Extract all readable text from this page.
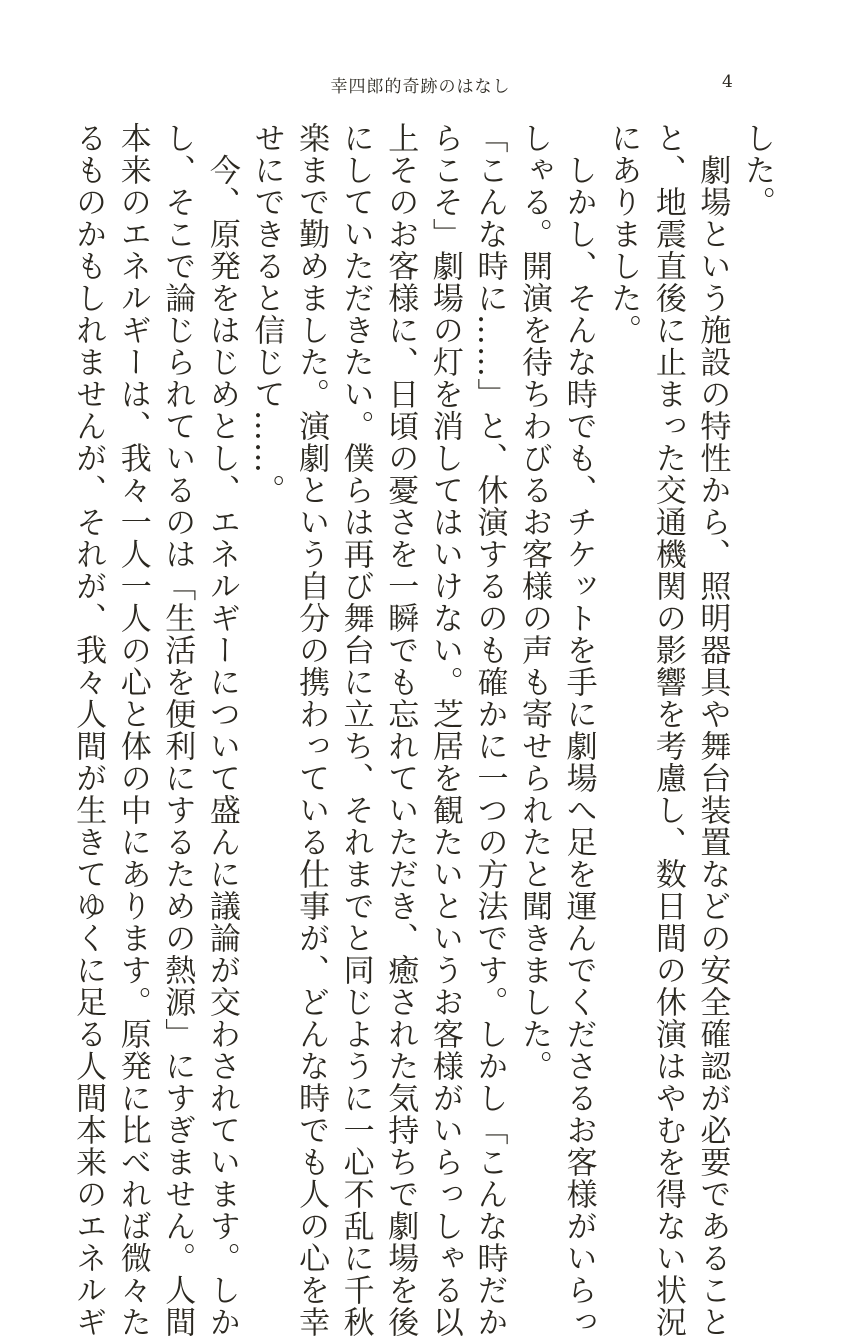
幸四郎的奇跡のはなし	4
した。
　劇場という施設の特性から、照明器具や舞台装置などの安全確認が必要であること
と、地震直後に止まった交通機関の影響を考慮し、数日間の休演はやむを得ない状況
にありました。
　しかし、そんな時でも、チケットを手に劇場へ足を運んでくださるお客様がいらっ
しゃる。開演を待ちわびるお客様の声も寄せられたと聞きました。
「こんな時に……」と、休演するのも確かに一つの方法です。しかし「こんな時だか
らこそ」劇場の灯を消してはいけない。芝居を観たいというお客様がいらっしゃる以
上そのお客様に、日頃の憂さを一瞬でも忘れていただき、癒された気持ちで劇場を後
にしていただきたい。僕らは再び舞台に立ち、それまでと同じように一心不乱に千秋
楽まで勤めました。演劇という自分の携わっている仕事が、どんな時でも人の心を幸
せにできると信じて……。
　今、原発をはじめとし、エネルギーについて盛んに議論が交わされています。しか
し、そこで論じられているのは「生活を便利にするための熱源」にすぎません。人間
本来のエネルギーは、我々一人一人の心と体の中にあります。原発に比べれば微々た
るものかもしれませんが、それが、我々人間が生きてゆくに足る人間本来のエネルギ
